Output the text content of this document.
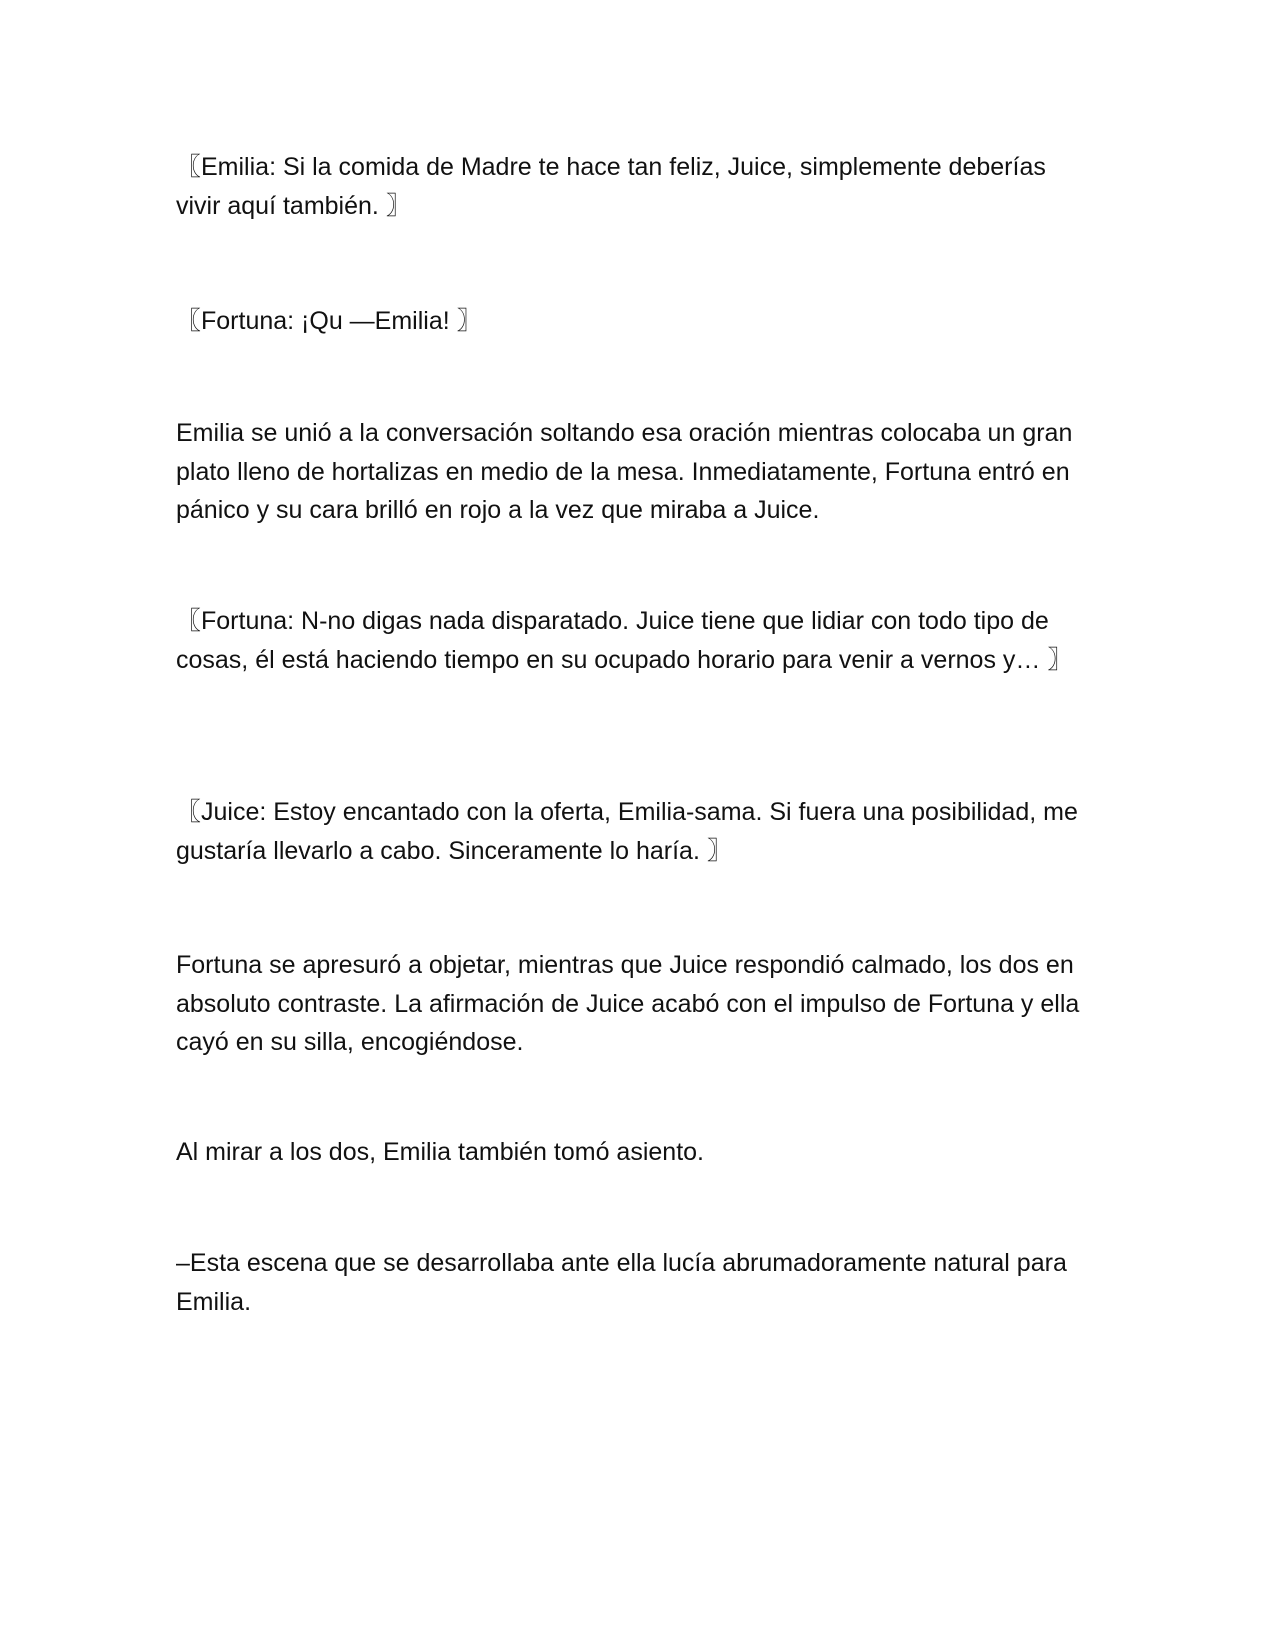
〖Emilia: Si la comida de Madre te hace tan feliz, Juice, simplemente deberías vivir aquí también. 〗

〖Fortuna: ¡Qu —Emilia! 〗

Emilia se unió a la conversación soltando esa oración mientras colocaba un gran plato lleno de hortalizas en medio de la mesa. Inmediatamente, Fortuna entró en pánico y su cara brilló en rojo a la vez que miraba a Juice.

〖Fortuna: N-no digas nada disparatado. Juice tiene que lidiar con todo tipo de cosas, él está haciendo tiempo en su ocupado horario para venir a vernos y… 〗

〖Juice: Estoy encantado con la oferta, Emilia-sama. Si fuera una posibilidad, me gustaría llevarlo a cabo. Sinceramente lo haría. 〗

Fortuna se apresuró a objetar, mientras que Juice respondió calmado, los dos en absoluto contraste. La afirmación de Juice acabó con el impulso de Fortuna y ella cayó en su silla, encogiéndose.

Al mirar a los dos, Emilia también tomó asiento.

–Esta escena que se desarrollaba ante ella lucía abrumadoramente natural para Emilia.
